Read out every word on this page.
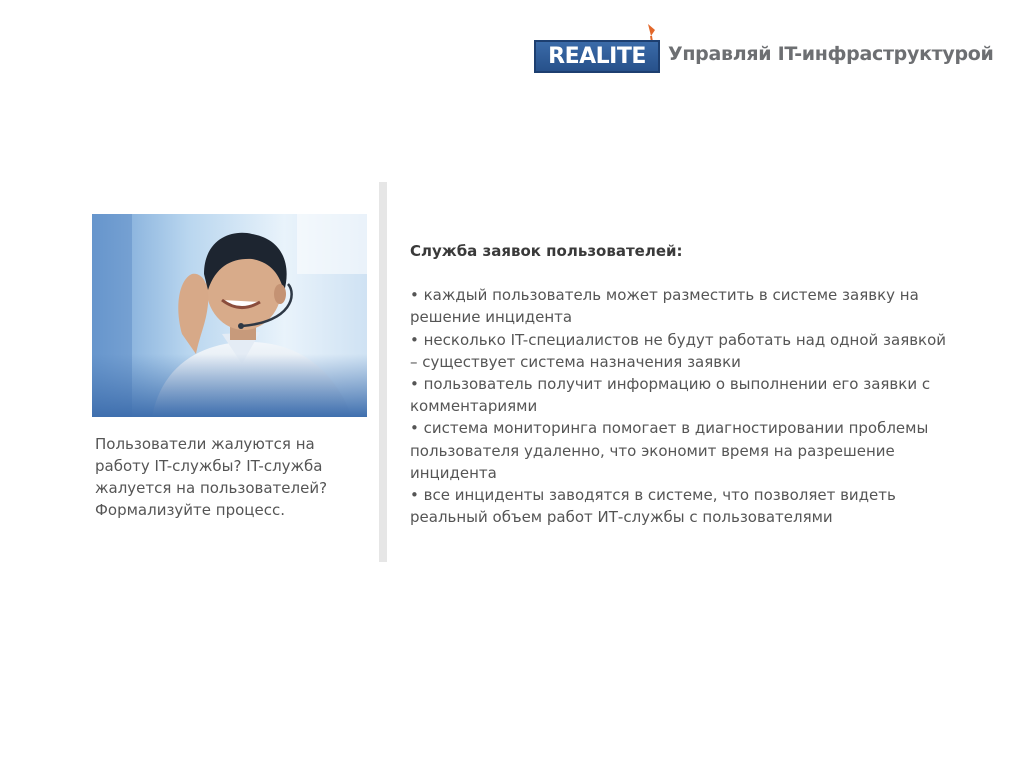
REALITE	Управляй IT-инфраструктурой
Пользователи жалуются на работу IT-службы? IT-служба жалуется на пользователей? Формализуйте процесс.
Служба заявок пользователей:
• каждый пользователь может разместить в системе заявку на решение инцидента
• несколько IT-специалистов не будут работать над одной заявкой – существует система назначения заявки
• пользователь получит информацию о выполнении его заявки с комментариями
• система мониторинга помогает в диагностировании проблемы пользователя удаленно, что экономит время на разрешение инцидента
• все инциденты заводятся в системе, что позволяет видеть реальный объем работ ИТ-службы с пользователями
